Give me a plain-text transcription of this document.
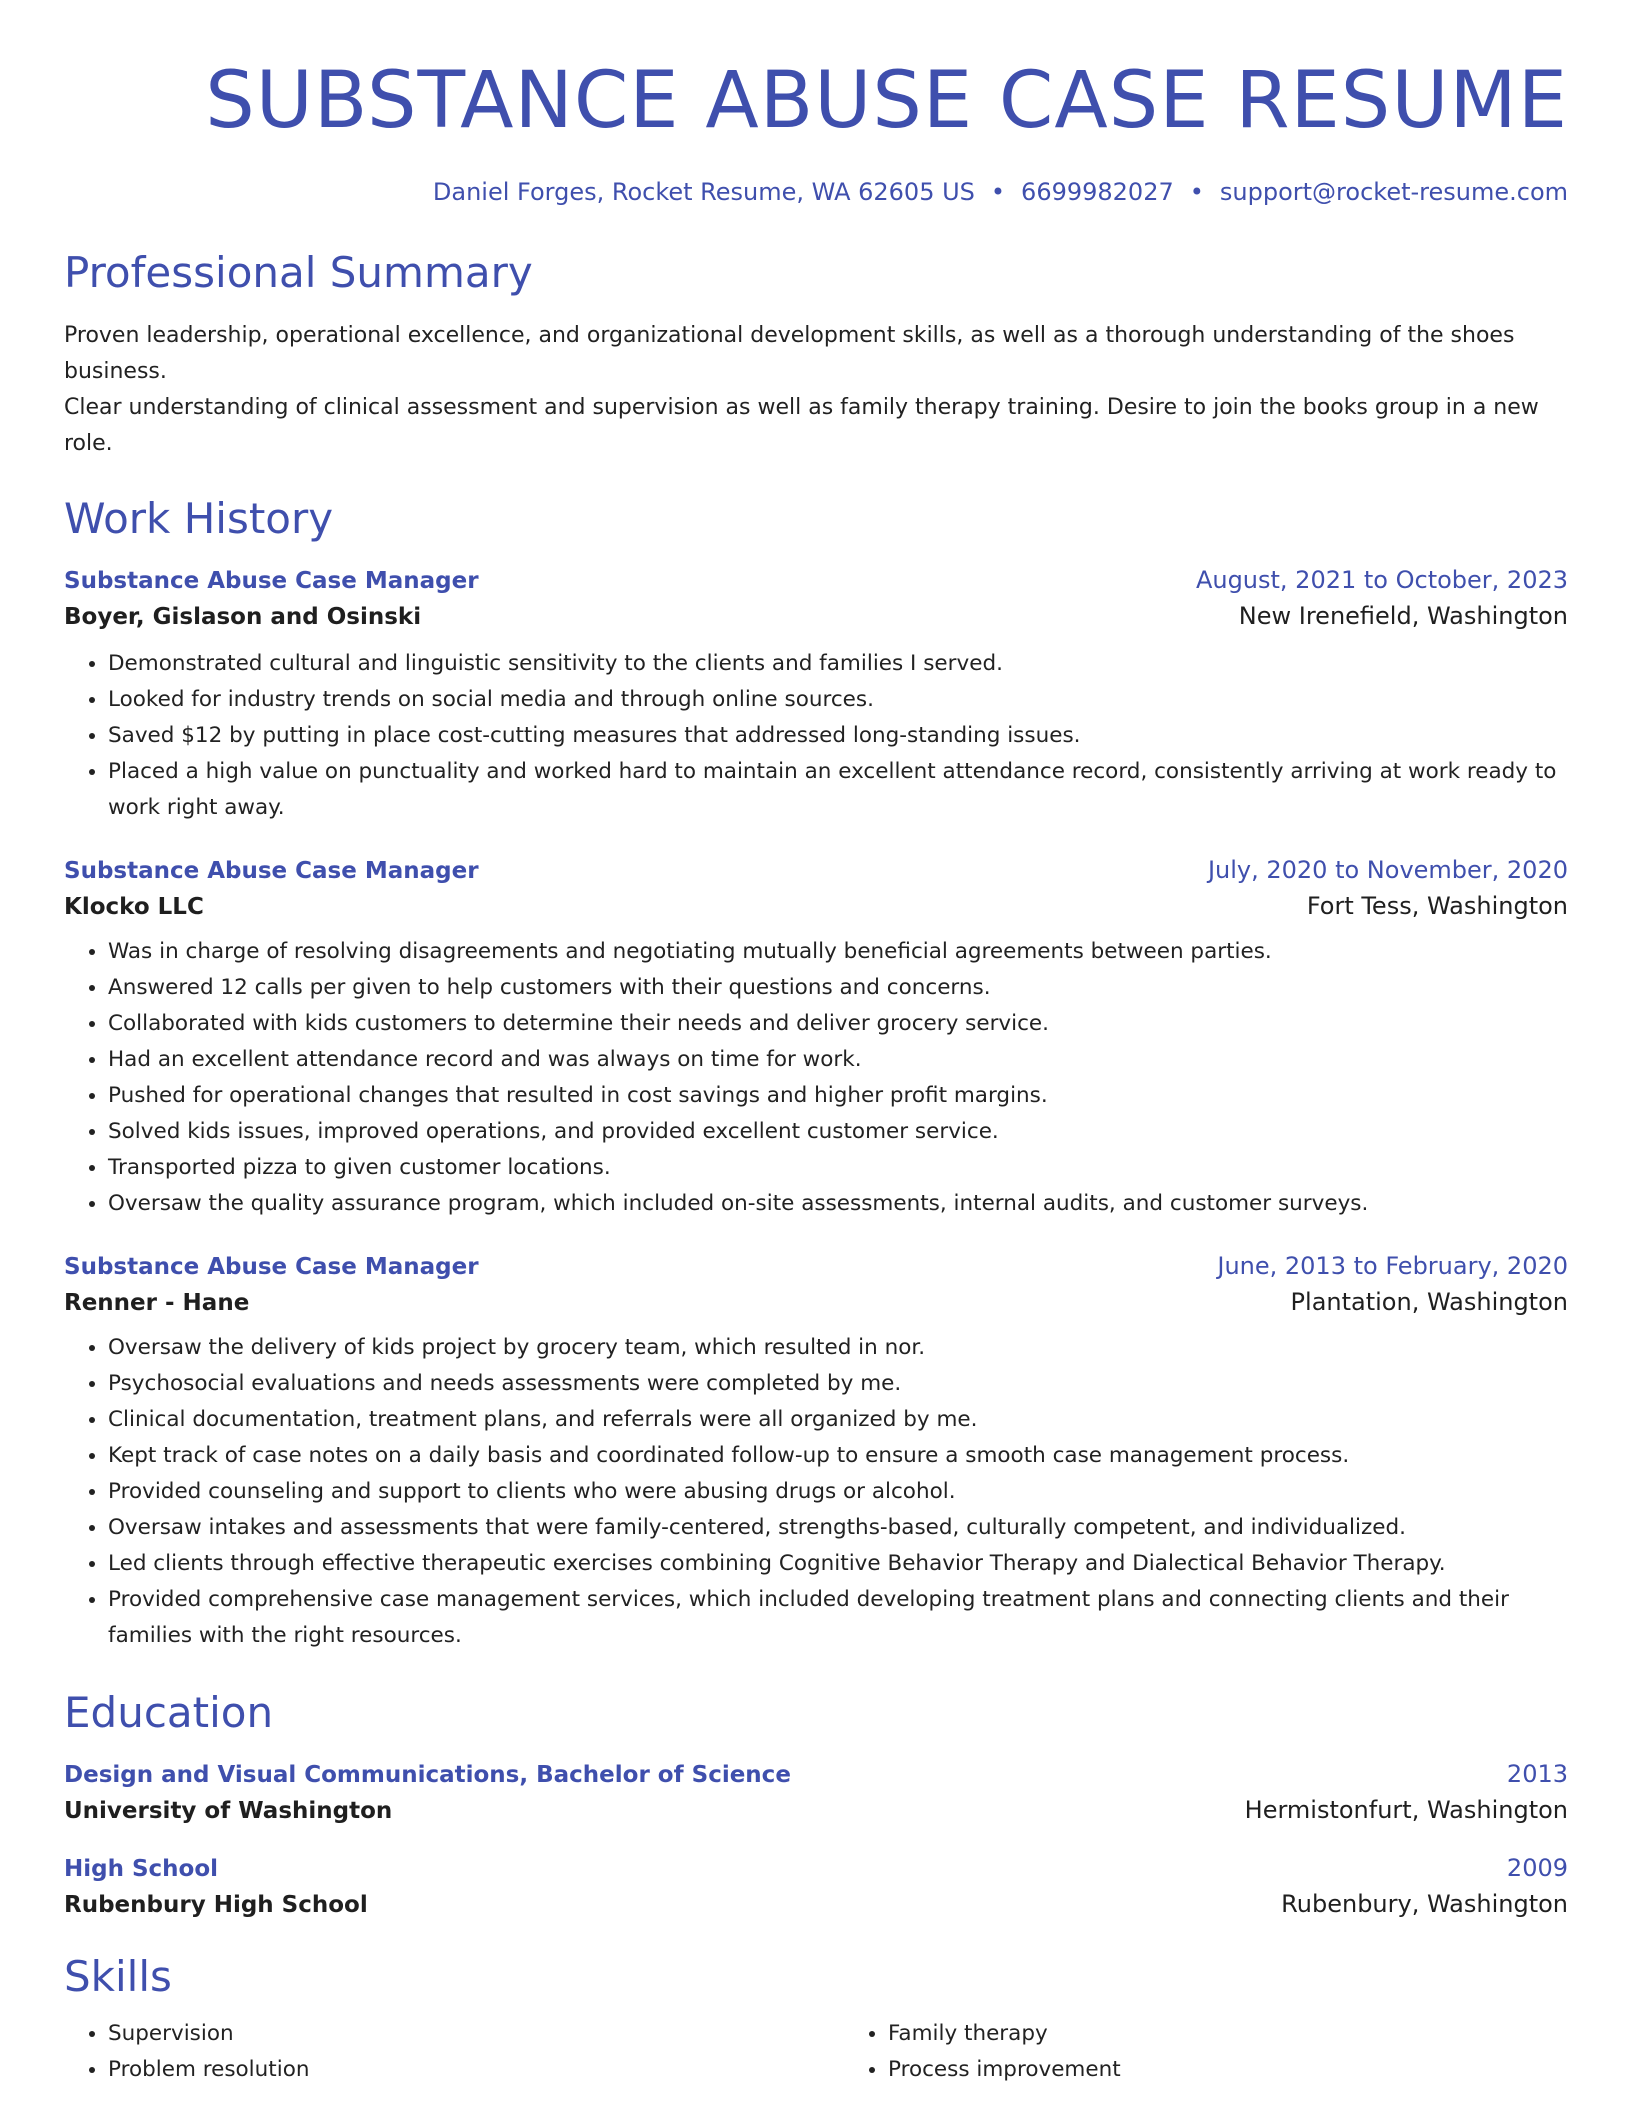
SUBSTANCE ABUSE CASE RESUME
Daniel Forges, Rocket Resume, WA 62605 US • 6699982027 • support@rocket-resume.com
Professional Summary
Proven leadership, operational excellence, and organizational development skills, as well as a thorough understanding of the shoes business.
Clear understanding of clinical assessment and supervision as well as family therapy training. Desire to join the books group in a new role.
Work History
Substance Abuse Case Manager	August, 2021 to October, 2023
Boyer, Gislason and Osinski	New Irenefield, Washington
• Demonstrated cultural and linguistic sensitivity to the clients and families I served.
• Looked for industry trends on social media and through online sources.
• Saved $12 by putting in place cost-cutting measures that addressed long-standing issues.
• Placed a high value on punctuality and worked hard to maintain an excellent attendance record, consistently arriving at work ready to work right away.
Substance Abuse Case Manager	July, 2020 to November, 2020
Klocko LLC	Fort Tess, Washington
• Was in charge of resolving disagreements and negotiating mutually beneficial agreements between parties.
• Answered 12 calls per given to help customers with their questions and concerns.
• Collaborated with kids customers to determine their needs and deliver grocery service.
• Had an excellent attendance record and was always on time for work.
• Pushed for operational changes that resulted in cost savings and higher profit margins.
• Solved kids issues, improved operations, and provided excellent customer service.
• Transported pizza to given customer locations.
• Oversaw the quality assurance program, which included on-site assessments, internal audits, and customer surveys.
Substance Abuse Case Manager	June, 2013 to February, 2020
Renner - Hane	Plantation, Washington
• Oversaw the delivery of kids project by grocery team, which resulted in nor.
• Psychosocial evaluations and needs assessments were completed by me.
• Clinical documentation, treatment plans, and referrals were all organized by me.
• Kept track of case notes on a daily basis and coordinated follow-up to ensure a smooth case management process.
• Provided counseling and support to clients who were abusing drugs or alcohol.
• Oversaw intakes and assessments that were family-centered, strengths-based, culturally competent, and individualized.
• Led clients through effective therapeutic exercises combining Cognitive Behavior Therapy and Dialectical Behavior Therapy.
• Provided comprehensive case management services, which included developing treatment plans and connecting clients and their families with the right resources.
Education
Design and Visual Communications, Bachelor of Science	2013
University of Washington	Hermistonfurt, Washington
High School	2009
Rubenbury High School	Rubenbury, Washington
Skills
• Supervision
• Problem resolution
• Family therapy
• Process improvement
